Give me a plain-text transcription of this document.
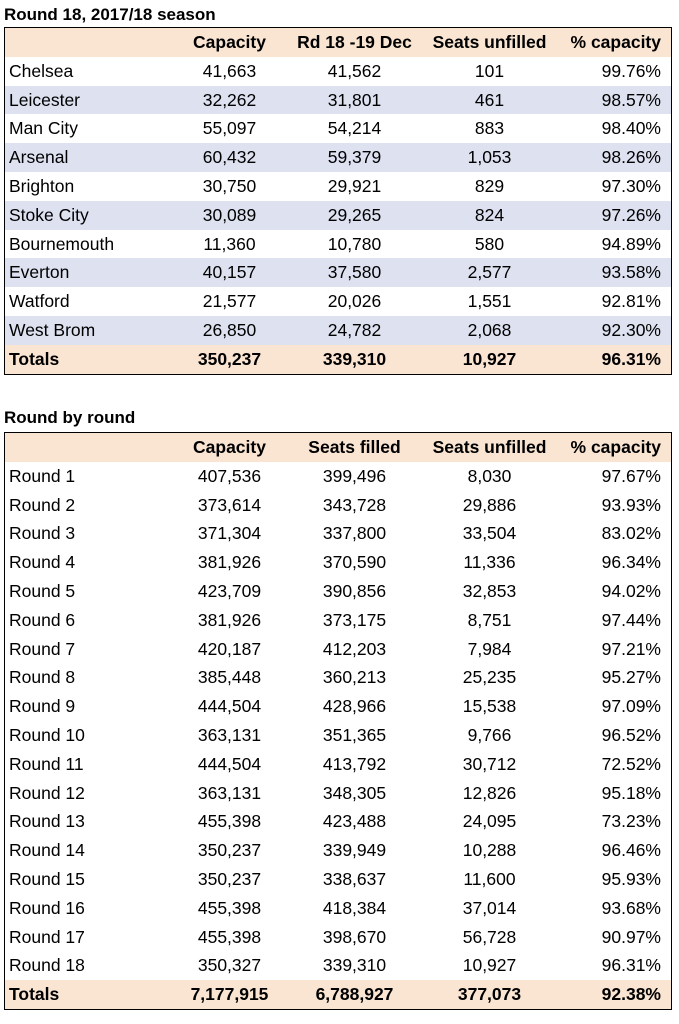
Round 18, 2017/18 season
	Capacity	Rd 18 -19 Dec	Seats unfilled	% capacity
Chelsea	41,663	41,562	101	99.76%
Leicester	32,262	31,801	461	98.57%
Man City	55,097	54,214	883	98.40%
Arsenal	60,432	59,379	1,053	98.26%
Brighton	30,750	29,921	829	97.30%
Stoke City	30,089	29,265	824	97.26%
Bournemouth	11,360	10,780	580	94.89%
Everton	40,157	37,580	2,577	93.58%
Watford	21,577	20,026	1,551	92.81%
West Brom	26,850	24,782	2,068	92.30%
Totals	350,237	339,310	10,927	96.31%
Round by round
	Capacity	Seats filled	Seats unfilled	% capacity
Round 1	407,536	399,496	8,030	97.67%
Round 2	373,614	343,728	29,886	93.93%
Round 3	371,304	337,800	33,504	83.02%
Round 4	381,926	370,590	11,336	96.34%
Round 5	423,709	390,856	32,853	94.02%
Round 6	381,926	373,175	8,751	97.44%
Round 7	420,187	412,203	7,984	97.21%
Round 8	385,448	360,213	25,235	95.27%
Round 9	444,504	428,966	15,538	97.09%
Round 10	363,131	351,365	9,766	96.52%
Round 11	444,504	413,792	30,712	72.52%
Round 12	363,131	348,305	12,826	95.18%
Round 13	455,398	423,488	24,095	73.23%
Round 14	350,237	339,949	10,288	96.46%
Round 15	350,237	338,637	11,600	95.93%
Round 16	455,398	418,384	37,014	93.68%
Round 17	455,398	398,670	56,728	90.97%
Round 18	350,327	339,310	10,927	96.31%
Totals	7,177,915	6,788,927	377,073	92.38%
